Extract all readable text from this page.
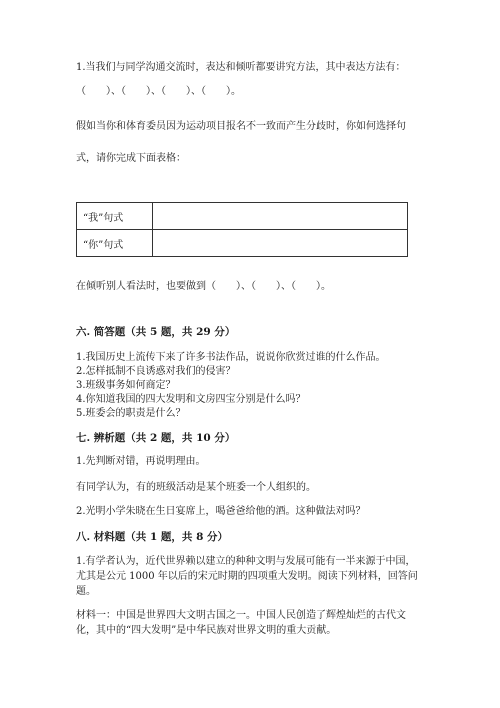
1.当我们与同学沟通交流时，表达和倾听都要讲究方法，其中表达方法有：
（　　）、（　　）、（　　）、（　　）。
假如当你和体育委员因为运动项目报名不一致而产生分歧时，你如何选择句
式，请你完成下面表格：
“我”句式	
“你”句式	
在倾听别人看法时，也要做到（　　）、（　　）、（　　）。
六. 简答题（共 5 题，共 29 分）
1.我国历史上流传下来了许多书法作品，说说你欣赏过谁的什么作品。
2.怎样抵制不良诱惑对我们的侵害？
3.班级事务如何商定？
4.你知道我国的四大发明和文房四宝分别是什么吗？
5.班委会的职责是什么？
七. 辨析题（共 2 题，共 10 分）
1.先判断对错，再说明理由。
有同学认为，有的班级活动是某个班委一个人组织的。
2.光明小学朱晓在生日宴席上，喝爸爸给他的酒。这种做法对吗？
八. 材料题（共 1 题，共 8 分）
1.有学者认为，近代世界赖以建立的种种文明与发展可能有一半来源于中国，
尤其是公元 1000 年以后的宋元时期的四项重大发明。阅读下列材料，回答问
题。
材料一：中国是世界四大文明古国之一。中国人民创造了辉煌灿烂的古代文
化，其中的“四大发明”是中华民族对世界文明的重大贡献。
